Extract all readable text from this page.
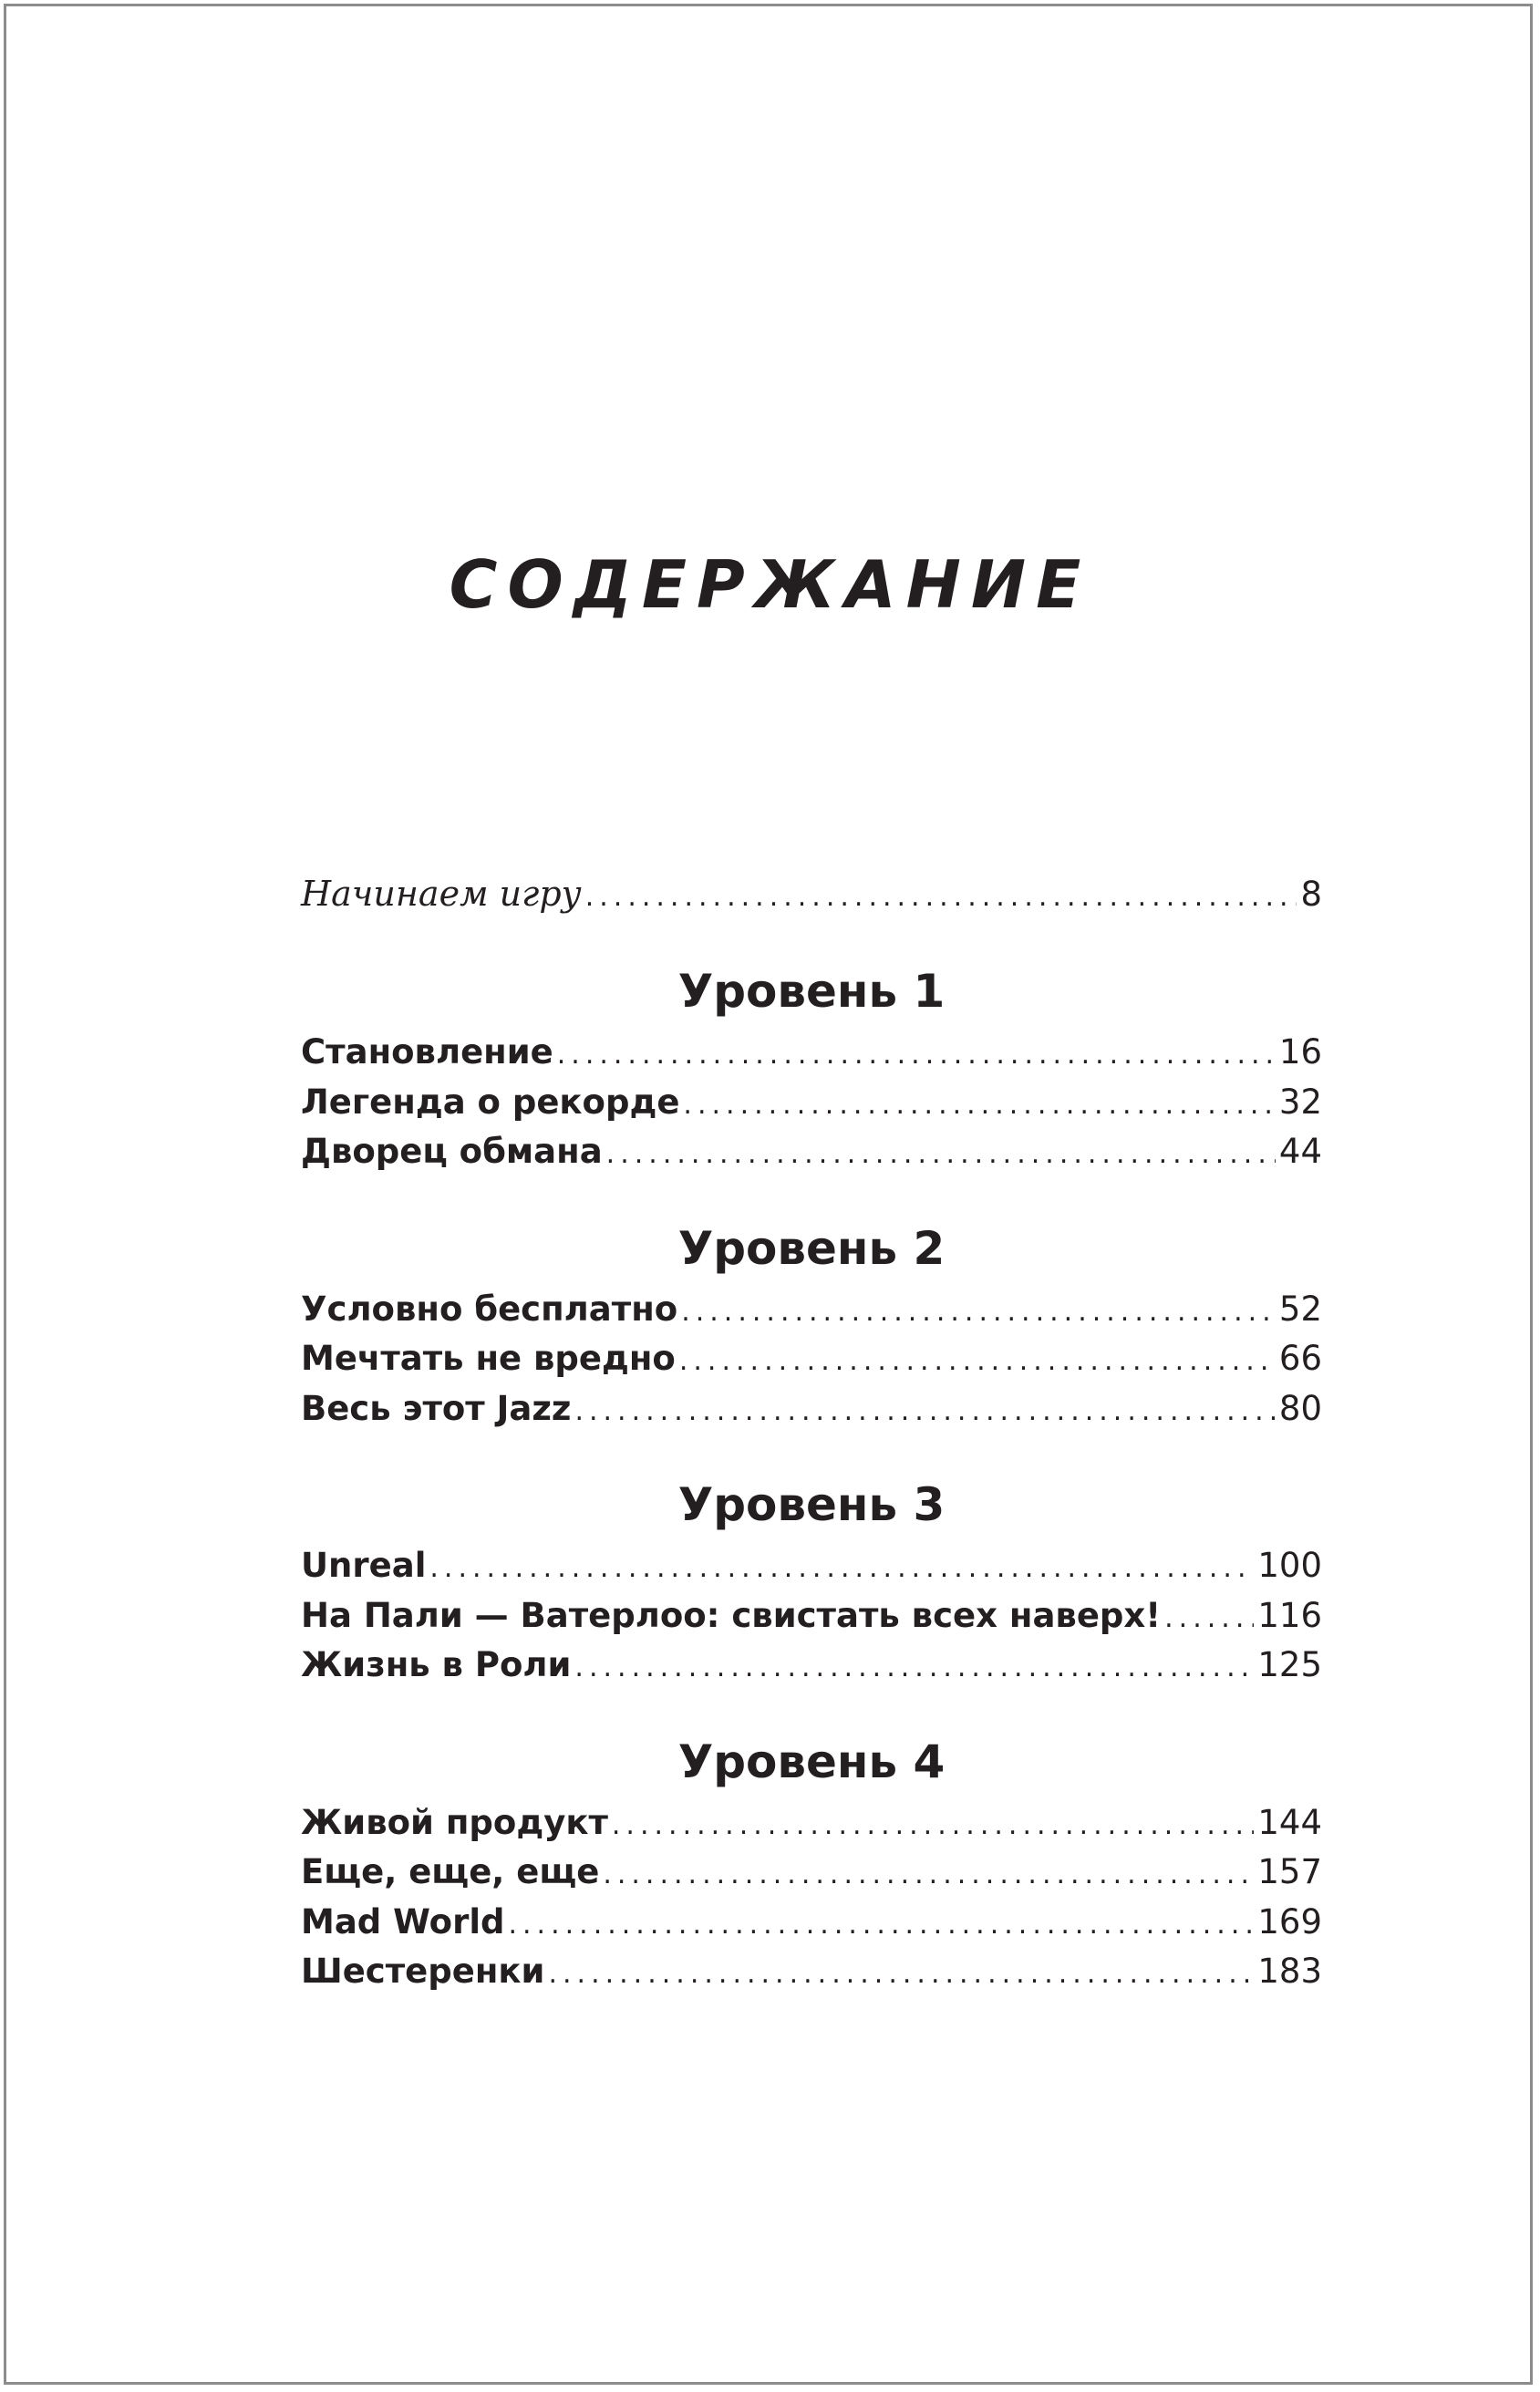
СОДЕРЖАНИЕ
Начинаем игру .....	8
Уровень 1
Становление .....	16
Легенда о рекорде .....	32
Дворец обмана .....	44
Уровень 2
Условно бесплатно .....	52
Мечтать не вредно .....	66
Весь этот Jazz .....	80
Уровень 3
Unreal .....	100
На Пали — Ватерлоо: свистать всех наверх! .....	116
Жизнь в Роли .....	125
Уровень 4
Живой продукт .....	144
Еще, еще, еще .....	157
Mad World .....	169
Шестеренки .....	183
